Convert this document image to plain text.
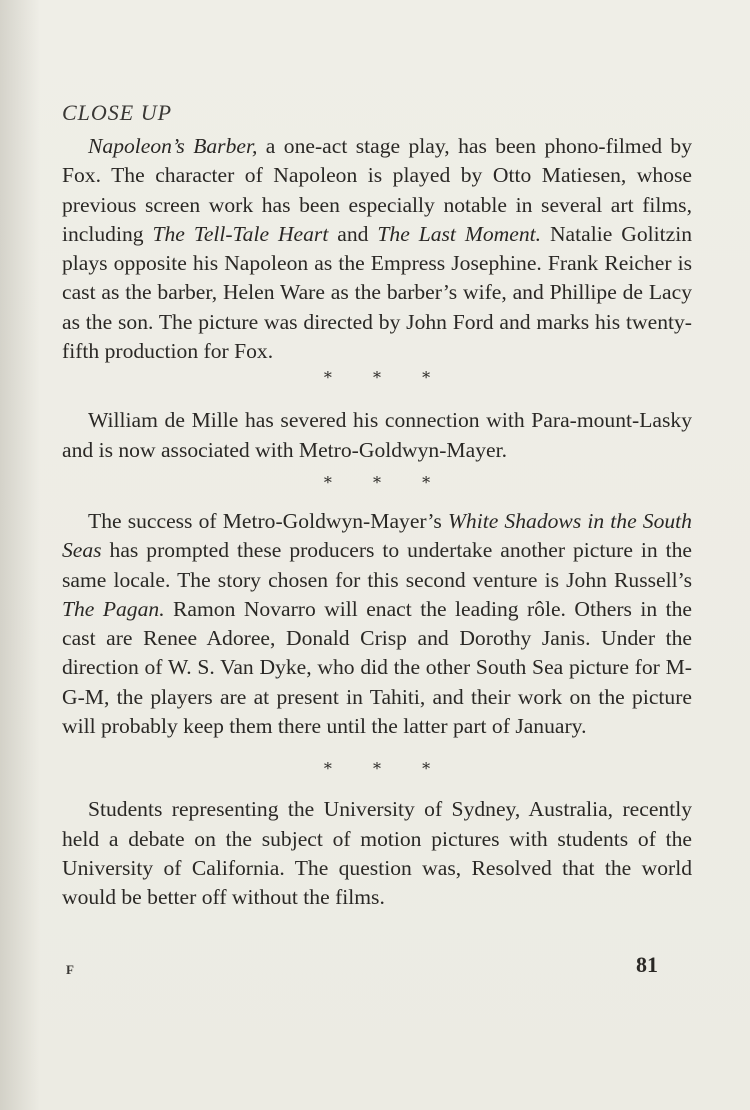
CLOSE UP

Napoleon’s Barber, a one-act stage play, has been phono-filmed by Fox. The character of Napoleon is played by Otto Matiesen, whose previous screen work has been especially notable in several art films, including The Tell-Tale Heart and The Last Moment. Natalie Golitzin plays opposite his Napoleon as the Empress Josephine. Frank Reicher is cast as the barber, Helen Ware as the barber’s wife, and Phillipe de Lacy as the son. The picture was directed by John Ford and marks his twenty-fifth production for Fox.

* * *

William de Mille has severed his connection with Para-mount-Lasky and is now associated with Metro-Goldwyn-Mayer.

* * *

The success of Metro-Goldwyn-Mayer’s White Shadows in the South Seas has prompted these producers to undertake another picture in the same locale. The story chosen for this second venture is John Russell’s The Pagan. Ramon Novarro will enact the leading rôle. Others in the cast are Renee Adoree, Donald Crisp and Dorothy Janis. Under the direction of W. S. Van Dyke, who did the other South Sea picture for M-G-M, the players are at present in Tahiti, and their work on the picture will probably keep them there until the latter part of January.

* * *

Students representing the University of Sydney, Australia, recently held a debate on the subject of motion pictures with students of the University of California. The question was, Resolved that the world would be better off without the films.

F	81
